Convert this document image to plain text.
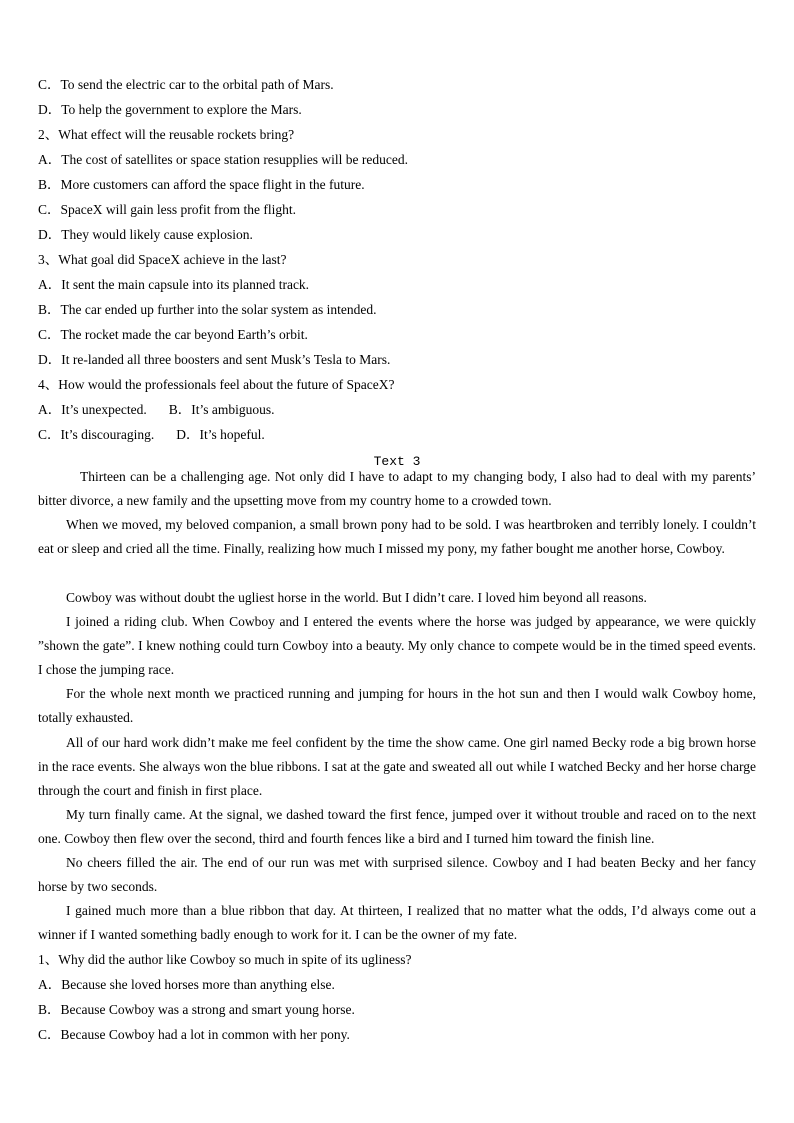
C．To send the electric car to the orbital path of Mars.
D．To help the government to explore the Mars.
2、What effect will the reusable rockets bring?
A．The cost of satellites or space station resupplies will be reduced.
B．More customers can afford the space flight in the future.
C．SpaceX will gain less profit from the flight.
D．They would likely cause explosion.
3、What goal did SpaceX achieve in the last?
A．It sent the main capsule into its planned track.
B．The car ended up further into the solar system as intended.
C．The rocket made the car beyond Earth’s orbit.
D．It re-landed all three boosters and sent Musk’s Tesla to Mars.
4、How would the professionals feel about the future of SpaceX?
A．It’s unexpected. B．It’s ambiguous.
C．It’s discouraging. D．It’s hopeful.
Text 3

Thirteen can be a challenging age. Not only did I have to adapt to my changing body, I also had to deal with my parents’ bitter divorce, a new family and the upsetting move from my country home to a crowded town.

When we moved, my beloved companion, a small brown pony had to be sold. I was heartbroken and terribly lonely. I couldn’t eat or sleep and cried all the time. Finally, realizing how much I missed my pony, my father bought me another horse, Cowboy.

Cowboy was without doubt the ugliest horse in the world. But I didn’t care. I loved him beyond all reasons.

I joined a riding club. When Cowboy and I entered the events where the horse was judged by appearance, we were quickly ”shown the gate”. I knew nothing could turn Cowboy into a beauty. My only chance to compete would be in the timed speed events. I chose the jumping race.

For the whole next month we practiced running and jumping for hours in the hot sun and then I would walk Cowboy home, totally exhausted.

All of our hard work didn’t make me feel confident by the time the show came. One girl named Becky rode a big brown horse in the race events. She always won the blue ribbons. I sat at the gate and sweated all out while I watched Becky and her horse charge through the court and finish in first place.

My turn finally came. At the signal, we dashed toward the first fence, jumped over it without trouble and raced on to the next one. Cowboy then flew over the second, third and fourth fences like a bird and I turned him toward the finish line.

No cheers filled the air. The end of our run was met with surprised silence. Cowboy and I had beaten Becky and her fancy horse by two seconds.

I gained much more than a blue ribbon that day. At thirteen, I realized that no matter what the odds, I’d always come out a winner if I wanted something badly enough to work for it. I can be the owner of my fate.

1、Why did the author like Cowboy so much in spite of its ugliness?
A．Because she loved horses more than anything else.
B．Because Cowboy was a strong and smart young horse.
C．Because Cowboy had a lot in common with her pony.
